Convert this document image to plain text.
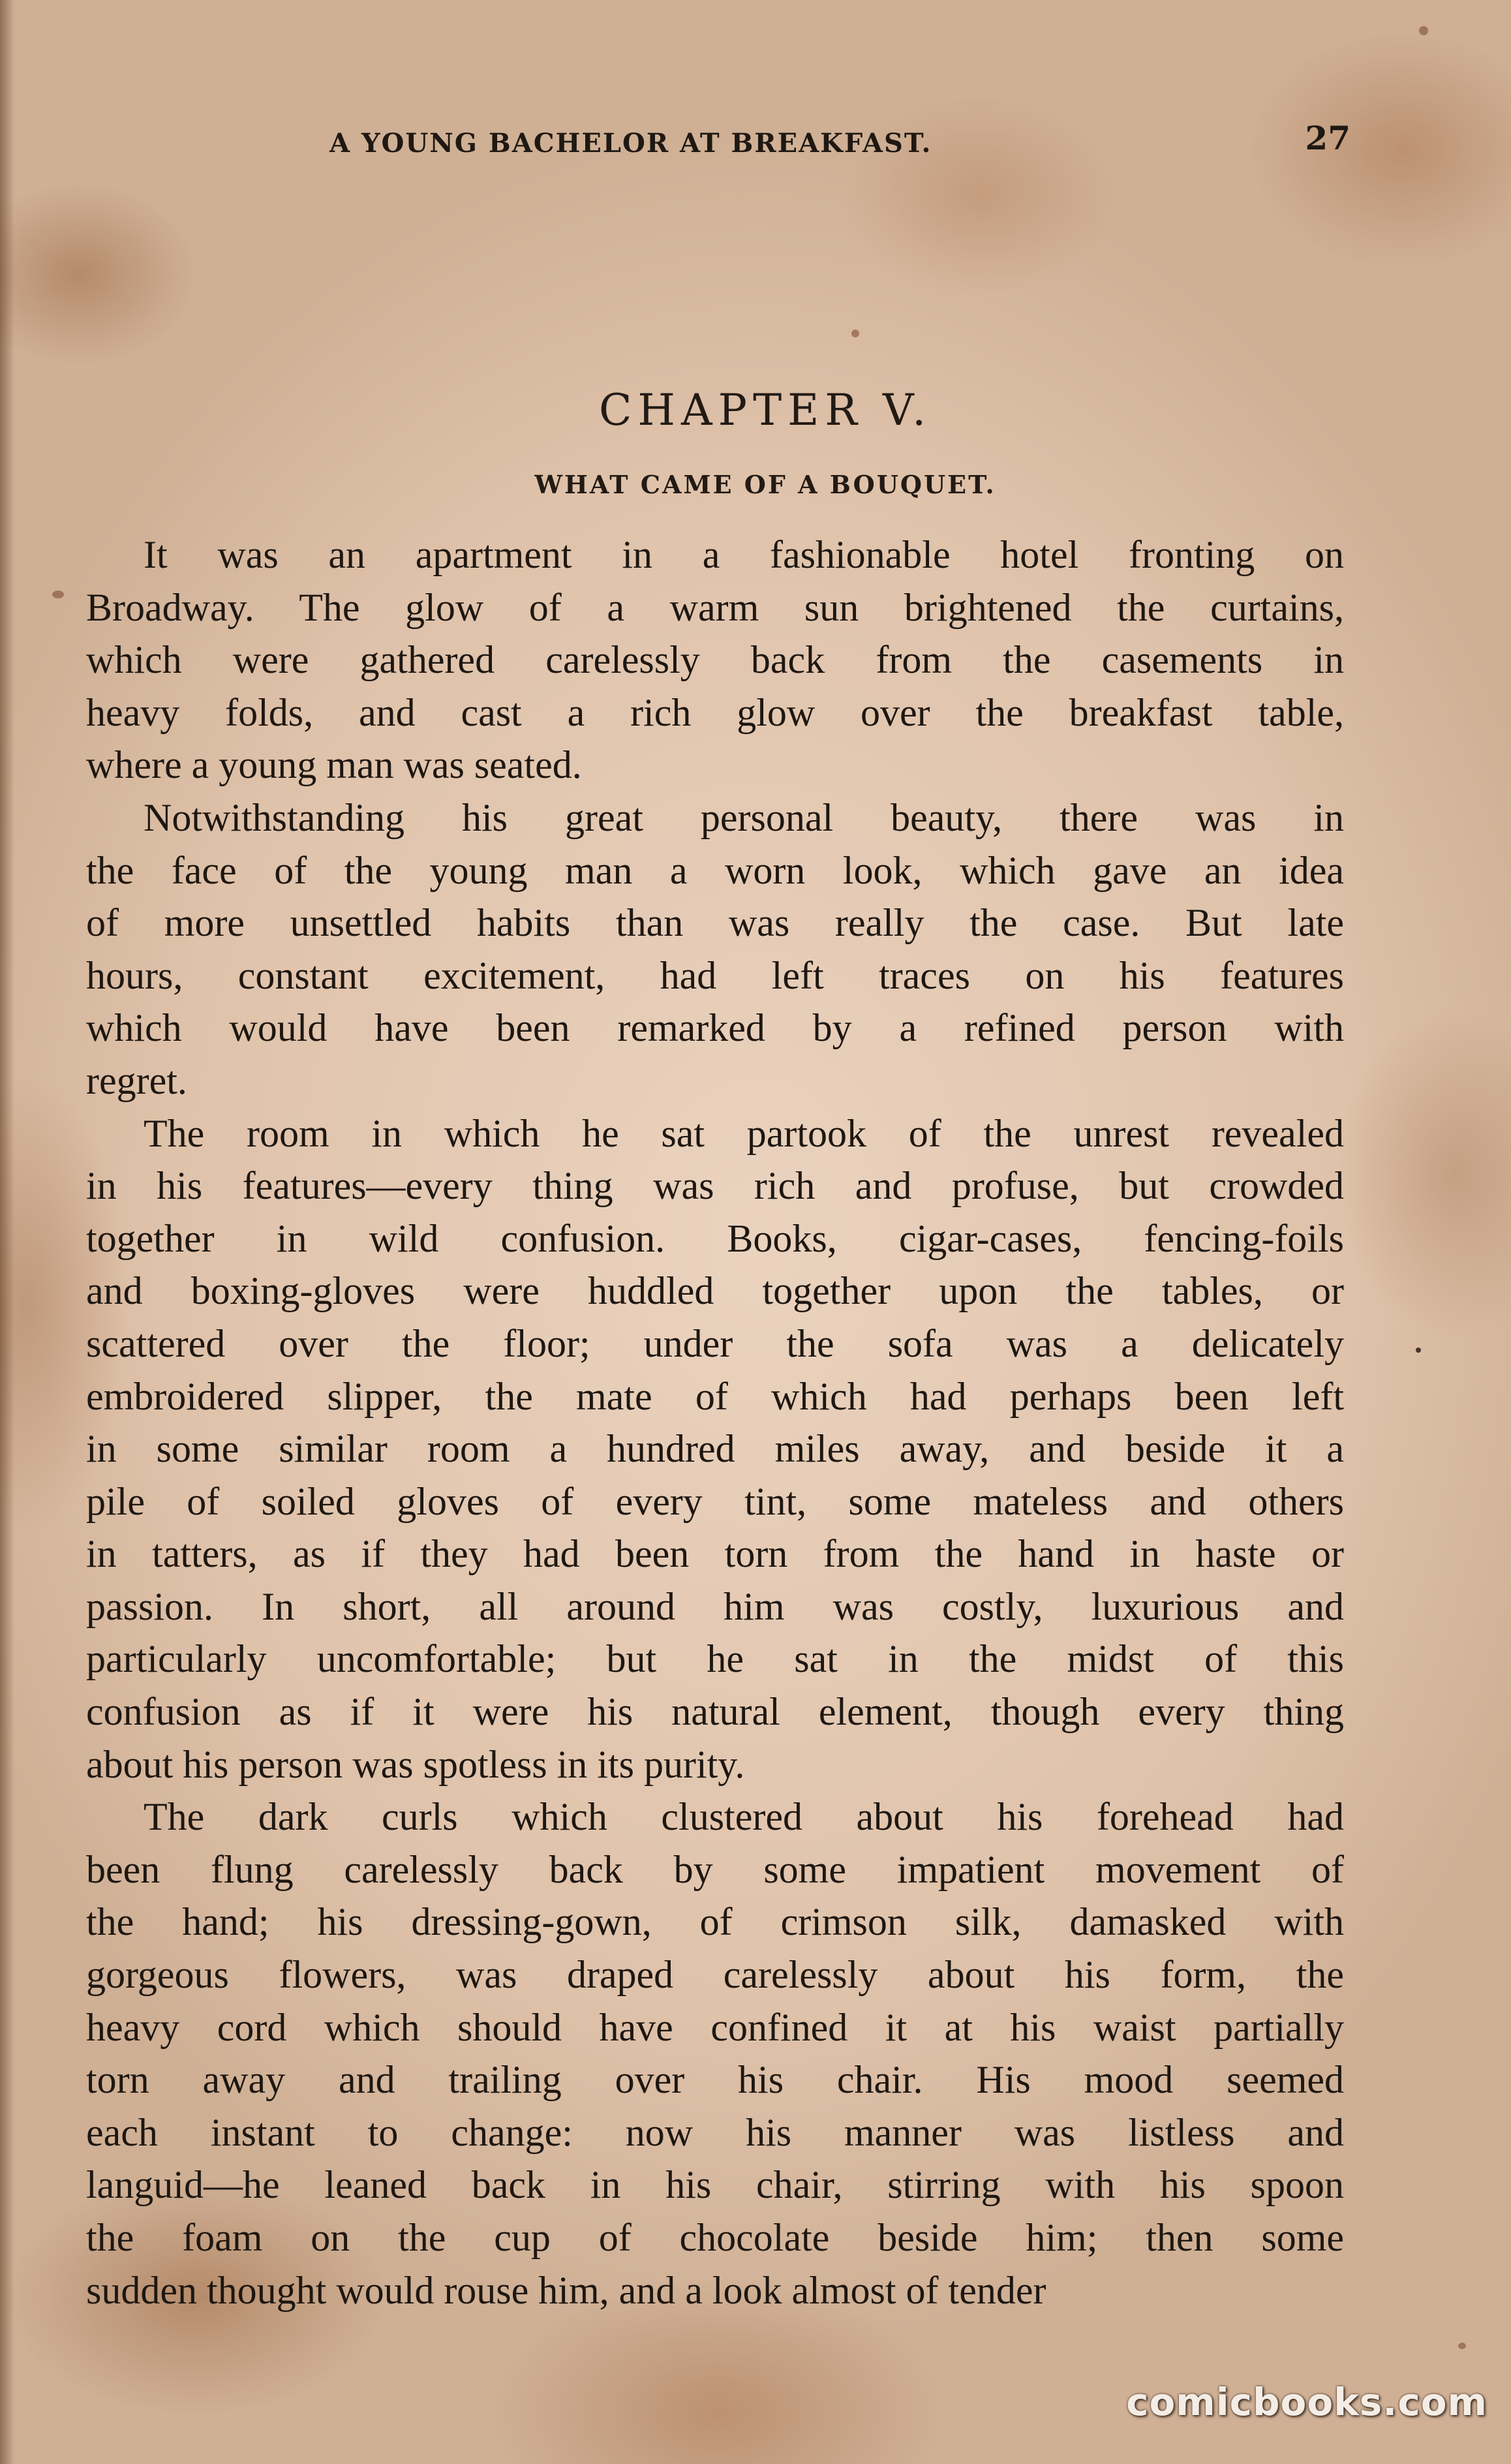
A YOUNG BACHELOR AT BREAKFAST.	27
CHAPTER V.
WHAT CAME OF A BOUQUET.
It was an apartment in a fashionable hotel fronting on
Broadway. The glow of a warm sun brightened the curtains,
which were gathered carelessly back from the casements in
heavy folds, and cast a rich glow over the breakfast table,
where a young man was seated.
Notwithstanding his great personal beauty, there was in
the face of the young man a worn look, which gave an idea
of more unsettled habits than was really the case. But late
hours, constant excitement, had left traces on his features
which would have been remarked by a refined person with
regret.
The room in which he sat partook of the unrest revealed
in his features—every thing was rich and profuse, but crowded
together in wild confusion. Books, cigar-cases, fencing-foils
and boxing-gloves were huddled together upon the tables, or
scattered over the floor; under the sofa was a delicately
embroidered slipper, the mate of which had perhaps been left
in some similar room a hundred miles away, and beside it a
pile of soiled gloves of every tint, some mateless and others
in tatters, as if they had been torn from the hand in haste or
passion. In short, all around him was costly, luxurious and
particularly uncomfortable; but he sat in the midst of this
confusion as if it were his natural element, though every thing
about his person was spotless in its purity.
The dark curls which clustered about his forehead had
been flung carelessly back by some impatient movement of
the hand; his dressing-gown, of crimson silk, damasked with
gorgeous flowers, was draped carelessly about his form, the
heavy cord which should have confined it at his waist partially
torn away and trailing over his chair. His mood seemed
each instant to change: now his manner was listless and
languid—he leaned back in his chair, stirring with his spoon
the foam on the cup of chocolate beside him; then some
sudden thought would rouse him, and a look almost of tender
comicbooks.com
